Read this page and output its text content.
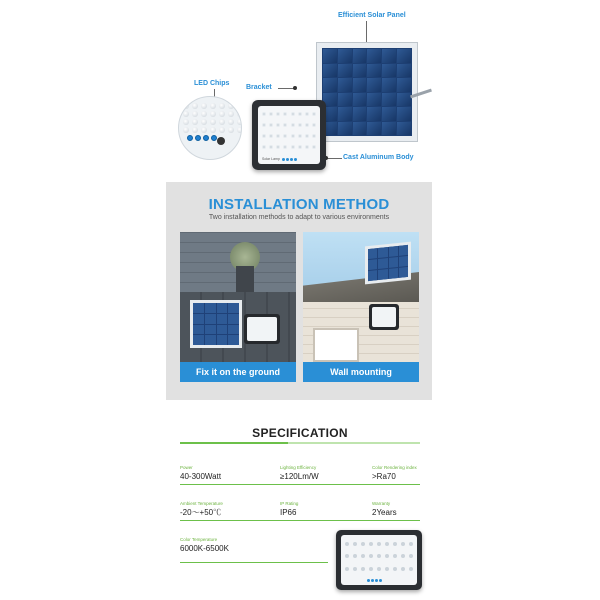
Efficient Solar Panel
LED Chips
Bracket
Cast Aluminum Body
Solar Lamp
INSTALLATION METHOD
Two installation methods to adapt to various environments
Fix it on the ground	Wall mounting
SPECIFICATION
Power
40-300Watt
Lighting Efficiency
≥120Lm/W
Color Rendering index
>Ra70
Ambient Temperature
-20～+50℃
IP Rating
IP66
Warranty
2Years
Color Temperature
6000K-6500K
